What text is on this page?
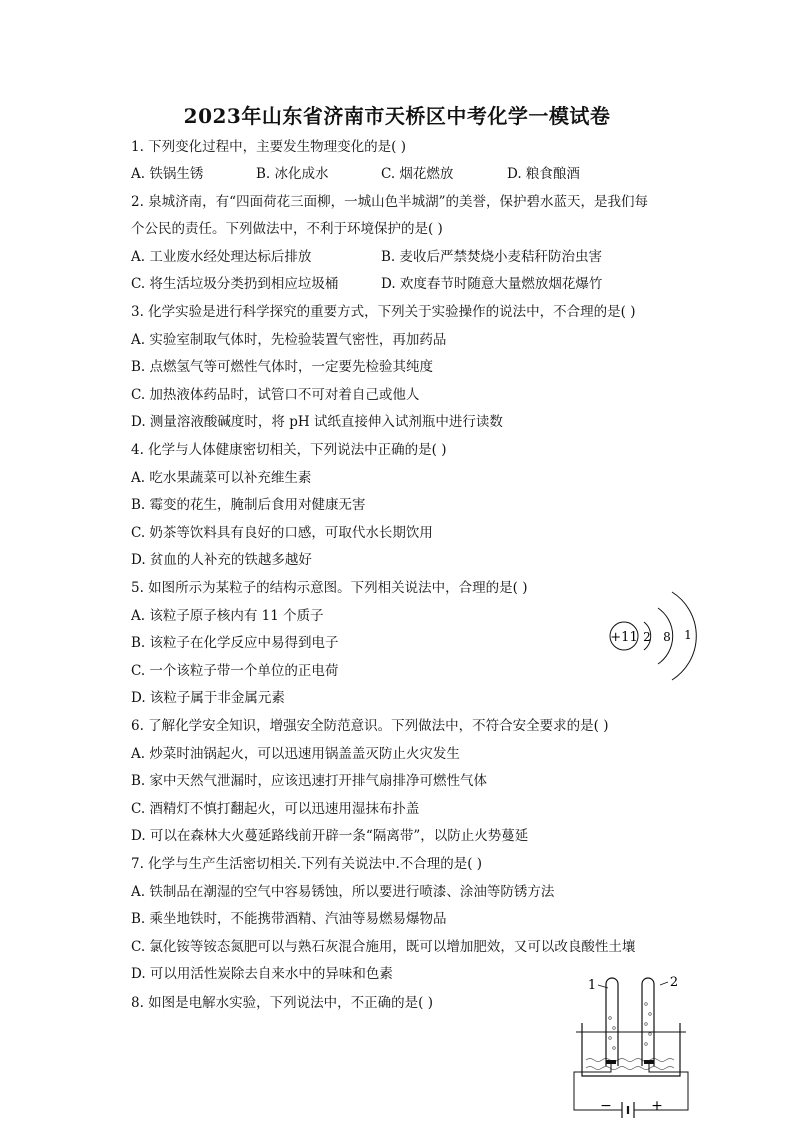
2023年山东省济南市天桥区中考化学一模试卷
1. 下列变化过程中，主要发生物理变化的是( )
A. 铁锅生锈	B. 冰化成水	C. 烟花燃放	D. 粮食酿酒
2. 泉城济南，有“四面荷花三面柳，一城山色半城湖”的美誉，保护碧水蓝天，是我们每
个公民的责任。下列做法中，不利于环境保护的是( )
A. 工业废水经处理达标后排放	B. 麦收后严禁焚烧小麦秸秆防治虫害
C. 将生活垃圾分类扔到相应垃圾桶	D. 欢度春节时随意大量燃放烟花爆竹
3. 化学实验是进行科学探究的重要方式，下列关于实验操作的说法中，不合理的是( )
A. 实验室制取气体时，先检验装置气密性，再加药品
B. 点燃氢气等可燃性气体时，一定要先检验其纯度
C. 加热液体药品时，试管口不可对着自己或他人
D. 测量溶液酸碱度时，将 pH 试纸直接伸入试剂瓶中进行读数
4. 化学与人体健康密切相关，下列说法中正确的是( )
A. 吃水果蔬菜可以补充维生素
B. 霉变的花生，腌制后食用对健康无害
C. 奶茶等饮料具有良好的口感，可取代水长期饮用
D. 贫血的人补充的铁越多越好
5. 如图所示为某粒子的结构示意图。下列相关说法中，合理的是( )
A. 该粒子原子核内有 11 个质子
B. 该粒子在化学反应中易得到电子
C. 一个该粒子带一个单位的正电荷
D. 该粒子属于非金属元素
+11 2 8 1
6. 了解化学安全知识，增强安全防范意识。下列做法中，不符合安全要求的是( )
A. 炒菜时油锅起火，可以迅速用锅盖盖灭防止火灾发生
B. 家中天然气泄漏时，应该迅速打开排气扇排净可燃性气体
C. 酒精灯不慎打翻起火，可以迅速用湿抹布扑盖
D. 可以在森林大火蔓延路线前开辟一条“隔离带”，以防止火势蔓延
7. 化学与生产生活密切相关.下列有关说法中.不合理的是( )
A. 铁制品在潮湿的空气中容易锈蚀，所以要进行喷漆、涂油等防锈方法
B. 乘坐地铁时，不能携带酒精、汽油等易燃易爆物品
C. 氯化铵等铵态氮肥可以与熟石灰混合施用，既可以增加肥效，又可以改良酸性土壤
D. 可以用活性炭除去自来水中的异味和色素
8. 如图是电解水实验，下列说法中，不正确的是( )
−	+
1	2
